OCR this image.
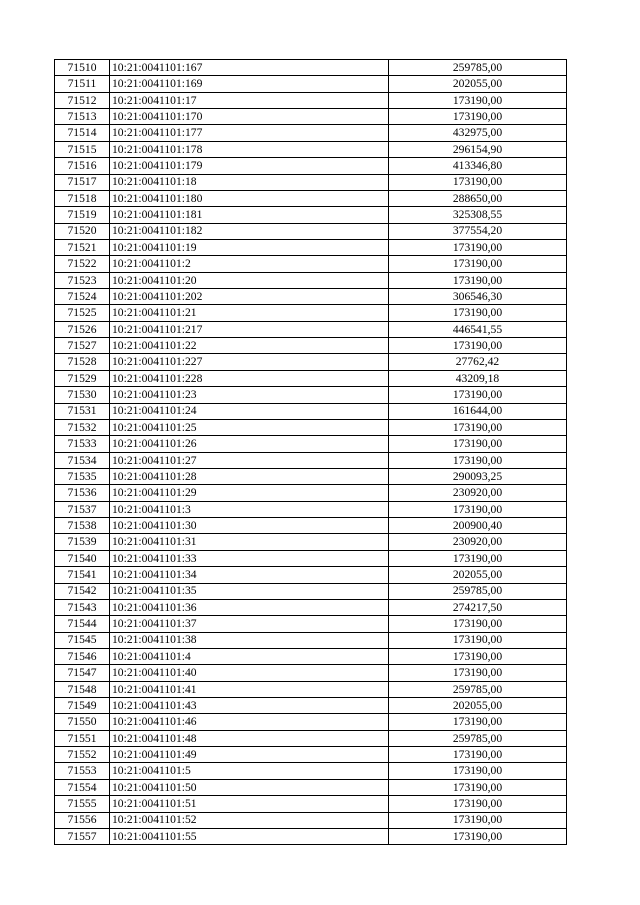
71510	10:21:0041101:167	259785,00
71511	10:21:0041101:169	202055,00
71512	10:21:0041101:17	173190,00
71513	10:21:0041101:170	173190,00
71514	10:21:0041101:177	432975,00
71515	10:21:0041101:178	296154,90
71516	10:21:0041101:179	413346,80
71517	10:21:0041101:18	173190,00
71518	10:21:0041101:180	288650,00
71519	10:21:0041101:181	325308,55
71520	10:21:0041101:182	377554,20
71521	10:21:0041101:19	173190,00
71522	10:21:0041101:2	173190,00
71523	10:21:0041101:20	173190,00
71524	10:21:0041101:202	306546,30
71525	10:21:0041101:21	173190,00
71526	10:21:0041101:217	446541,55
71527	10:21:0041101:22	173190,00
71528	10:21:0041101:227	27762,42
71529	10:21:0041101:228	43209,18
71530	10:21:0041101:23	173190,00
71531	10:21:0041101:24	161644,00
71532	10:21:0041101:25	173190,00
71533	10:21:0041101:26	173190,00
71534	10:21:0041101:27	173190,00
71535	10:21:0041101:28	290093,25
71536	10:21:0041101:29	230920,00
71537	10:21:0041101:3	173190,00
71538	10:21:0041101:30	200900,40
71539	10:21:0041101:31	230920,00
71540	10:21:0041101:33	173190,00
71541	10:21:0041101:34	202055,00
71542	10:21:0041101:35	259785,00
71543	10:21:0041101:36	274217,50
71544	10:21:0041101:37	173190,00
71545	10:21:0041101:38	173190,00
71546	10:21:0041101:4	173190,00
71547	10:21:0041101:40	173190,00
71548	10:21:0041101:41	259785,00
71549	10:21:0041101:43	202055,00
71550	10:21:0041101:46	173190,00
71551	10:21:0041101:48	259785,00
71552	10:21:0041101:49	173190,00
71553	10:21:0041101:5	173190,00
71554	10:21:0041101:50	173190,00
71555	10:21:0041101:51	173190,00
71556	10:21:0041101:52	173190,00
71557	10:21:0041101:55	173190,00
